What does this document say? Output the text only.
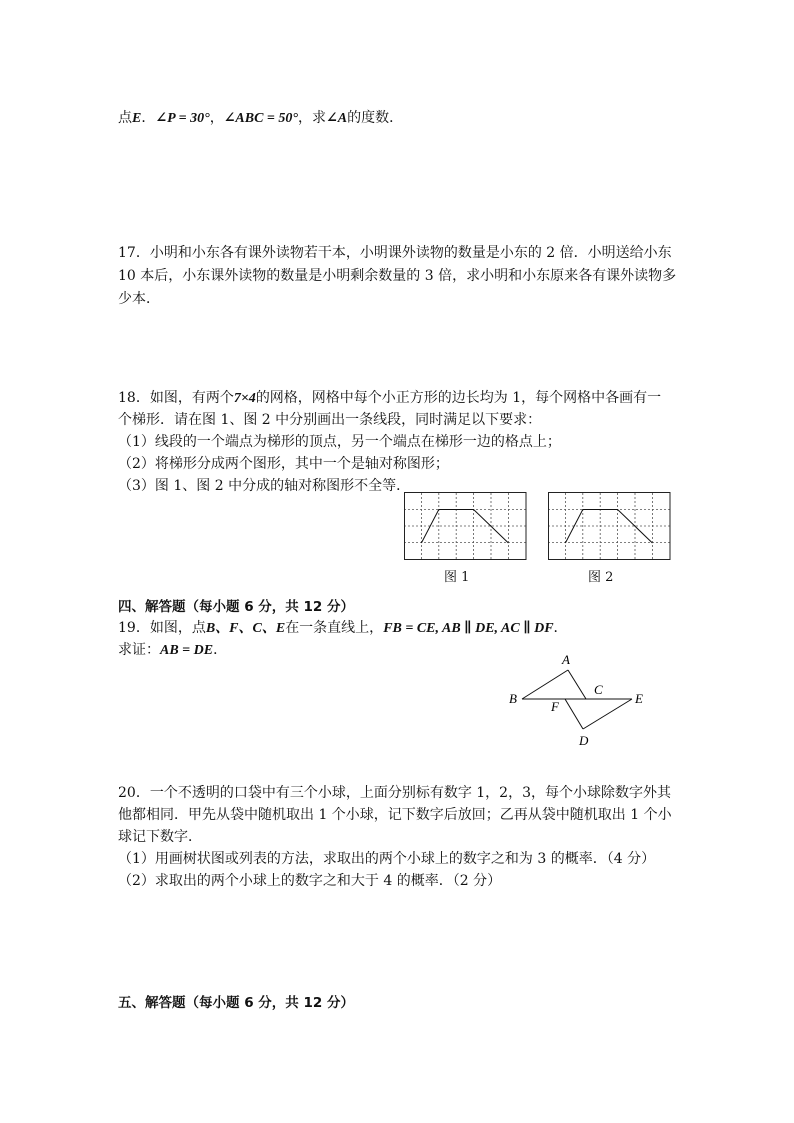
点E．∠P = 30°，∠ABC = 50°，求∠A的度数．
17．小明和小东各有课外读物若干本，小明课外读物的数量是小东的 2 倍．小明送给小东
10 本后，小东课外读物的数量是小明剩余数量的 3 倍，求小明和小东原来各有课外读物多
少本．
18．如图，有两个7×4的网格，网格中每个小正方形的边长均为 1，每个网格中各画有一
个梯形．请在图 1、图 2 中分别画出一条线段，同时满足以下要求：
（1）线段的一个端点为梯形的顶点，另一个端点在梯形一边的格点上；
（2）将梯形分成两个图形，其中一个是轴对称图形；
（3）图 1、图 2 中分成的轴对称图形不全等．
图 1	图 2
四、解答题（每小题 6 分，共 12 分）
19．如图，点B、F、C、E在一条直线上，FB = CE, AB ∥ DE, AC ∥ DF．
求证：AB = DE．
A
B
C
E
F
D
20．一个不透明的口袋中有三个小球，上面分别标有数字 1，2，3，每个小球除数字外其
他都相同．甲先从袋中随机取出 1 个小球，记下数字后放回；乙再从袋中随机取出 1 个小
球记下数字．
（1）用画树状图或列表的方法，求取出的两个小球上的数字之和为 3 的概率．（4 分）
（2）求取出的两个小球上的数字之和大于 4 的概率．（2 分）
五、解答题（每小题 6 分，共 12 分）
